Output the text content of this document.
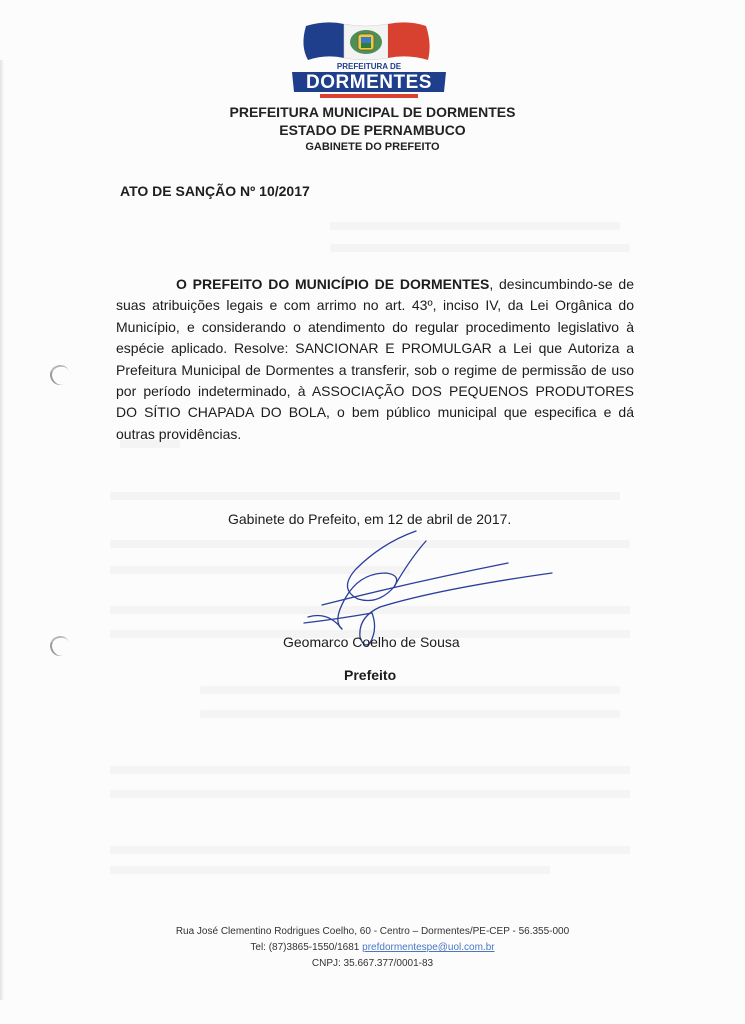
PREFEITURA DE
DORMENTES
PREFEITURA MUNICIPAL DE DORMENTES
ESTADO DE PERNAMBUCO
GABINETE DO PREFEITO
ATO DE SANÇÃO Nº 10/2017
O PREFEITO DO MUNICÍPIO DE DORMENTES, desincumbindo-se de suas atribuições legais e com arrimo no art. 43º, inciso IV, da Lei Orgânica do Município, e considerando o atendimento do regular procedimento legislativo à espécie aplicado. Resolve: SANCIONAR E PROMULGAR a Lei que Autoriza a Prefeitura Municipal de Dormentes a transferir, sob o regime de permissão de uso por período indeterminado, à ASSOCIAÇÃO DOS PEQUENOS PRODUTORES DO SÍTIO CHAPADA DO BOLA, o bem público municipal que especifica e dá outras providências.
Gabinete do Prefeito, em 12 de abril de 2017.
Geomarco Coelho de Sousa
Prefeito
Rua José Clementino Rodrigues Coelho, 60 - Centro – Dormentes/PE-CEP - 56.355-000
Tel: (87)3865-1550/1681 prefdormentespe@uol.com.br
CNPJ: 35.667.377/0001-83
